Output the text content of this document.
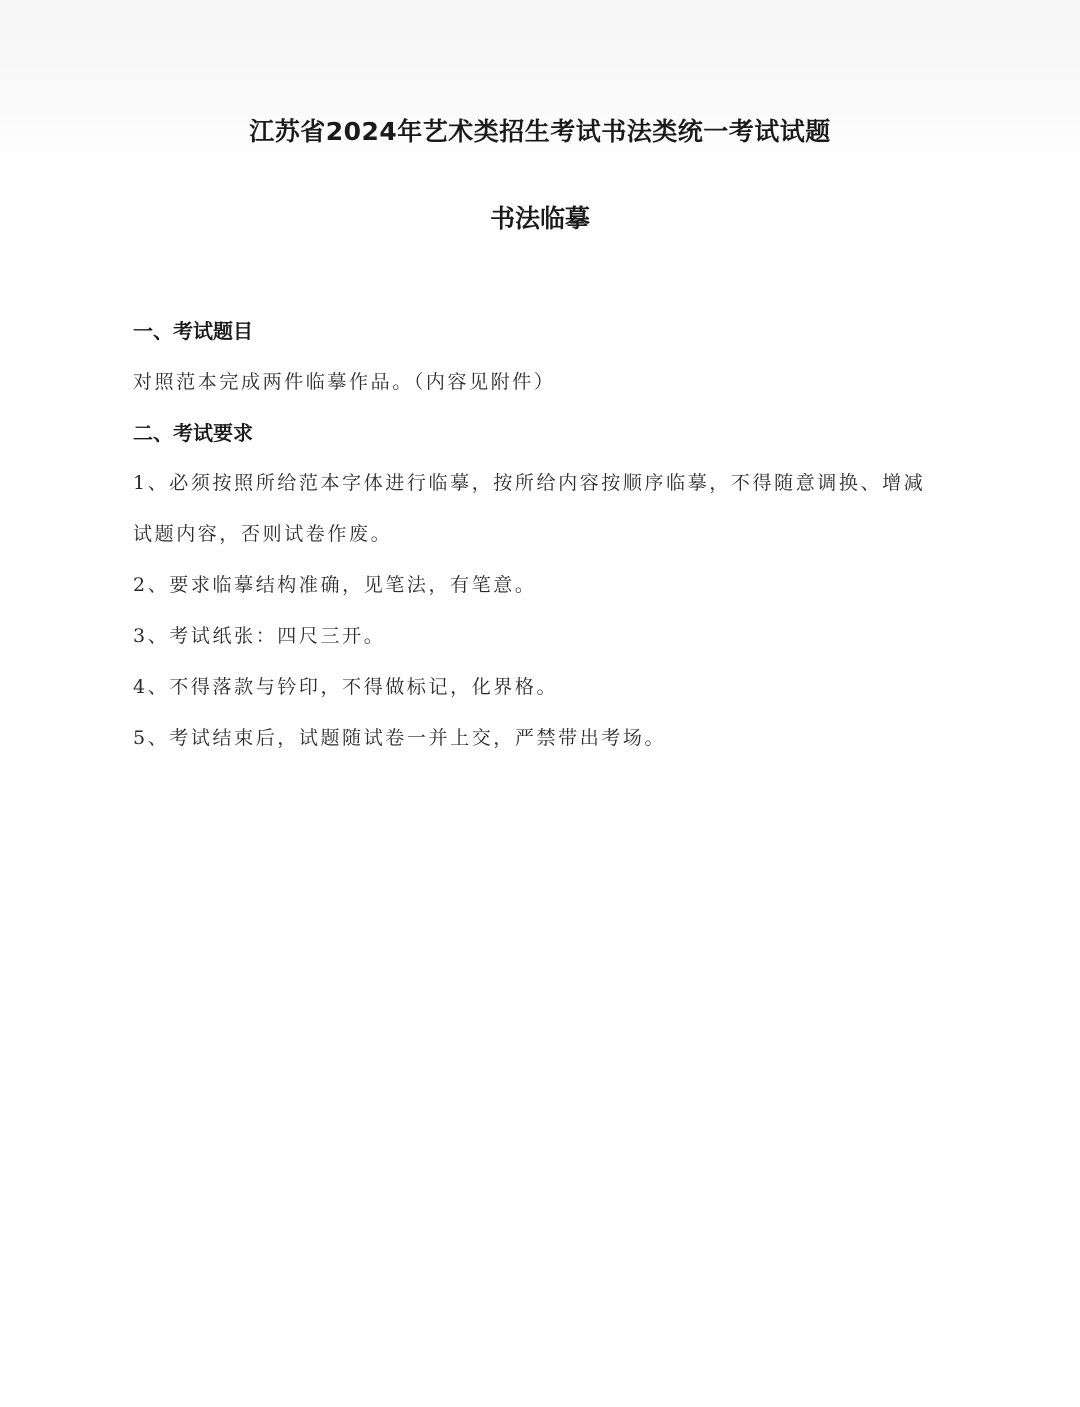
江苏省2024年艺术类招生考试书法类统一考试试题
书法临摹
一、考试题目
对照范本完成两件临摹作品。（内容见附件）
二、考试要求
1、必须按照所给范本字体进行临摹，按所给内容按顺序临摹，不得随意调换、增减
试题内容，否则试卷作废。
2、要求临摹结构准确，见笔法，有笔意。
3、考试纸张：四尺三开。
4、不得落款与钤印，不得做标记，化界格。
5、考试结束后，试题随试卷一并上交，严禁带出考场。
